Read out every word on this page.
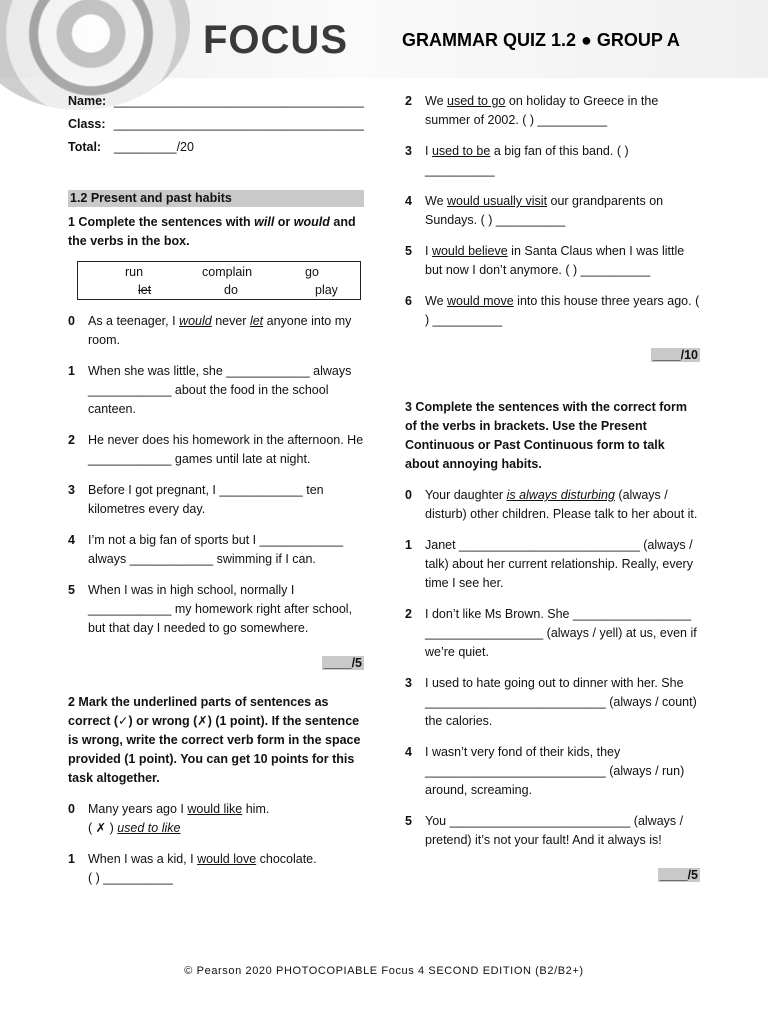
FOCUS	GRAMMAR QUIZ 1.2 ● GROUP A
Name: ____________________________________
Class: ____________________________________
Total:	_________/20
1.2 Present and past habits
1 Complete the sentences with will or would and the verbs in the box.
run	complain	go
let	do	play
0	As a teenager, I would never let anyone into my room.
1	When she was little, she ____________ always ____________ about the food in the school canteen.
2	He never does his homework in the afternoon. He ____________ games until late at night.
3	Before I got pregnant, I ____________ ten kilometres every day.
4	I’m not a big fan of sports but I ____________ always ____________ swimming if I can.
5	When I was in high school, normally I ____________ my homework right after school, but that day I needed to go somewhere.
____/5
2 Mark the underlined parts of sentences as correct (✓) or wrong (✗) (1 point). If the sentence is wrong, write the correct verb form in the space provided (1 point). You can get 10 points for this task altogether.
0	Many years ago I would like him.
( ✗ ) used to like
1	When I was a kid, I would love chocolate.
( ) __________
2	We used to go on holiday to Greece in the summer of 2002. ( ) __________
3	I used to be a big fan of this band. ( ) __________
4	We would usually visit our grandparents on Sundays. ( ) __________
5	I would believe in Santa Claus when I was little but now I don’t anymore. ( ) __________
6	We would move into this house three years ago. ( ) __________
____/10
3 Complete the sentences with the correct form of the verbs in brackets. Use the Present Continuous or Past Continuous form to talk about annoying habits.
0	Your daughter is always disturbing (always / disturb) other children. Please talk to her about it.
1	Janet __________________________ (always / talk) about her current relationship. Really, every time I see her.
2	I don’t like Ms Brown. She _________________ _________________ (always / yell) at us, even if we’re quiet.
3	I used to hate going out to dinner with her. She __________________________ (always / count) the calories.
4	I wasn’t very fond of their kids, they __________________________ (always / run) around, screaming.
5	You __________________________ (always / pretend) it’s not your fault! And it always is!
____/5
© Pearson 2020 PHOTOCOPIABLE Focus 4 SECOND EDITION (B2/B2+)
